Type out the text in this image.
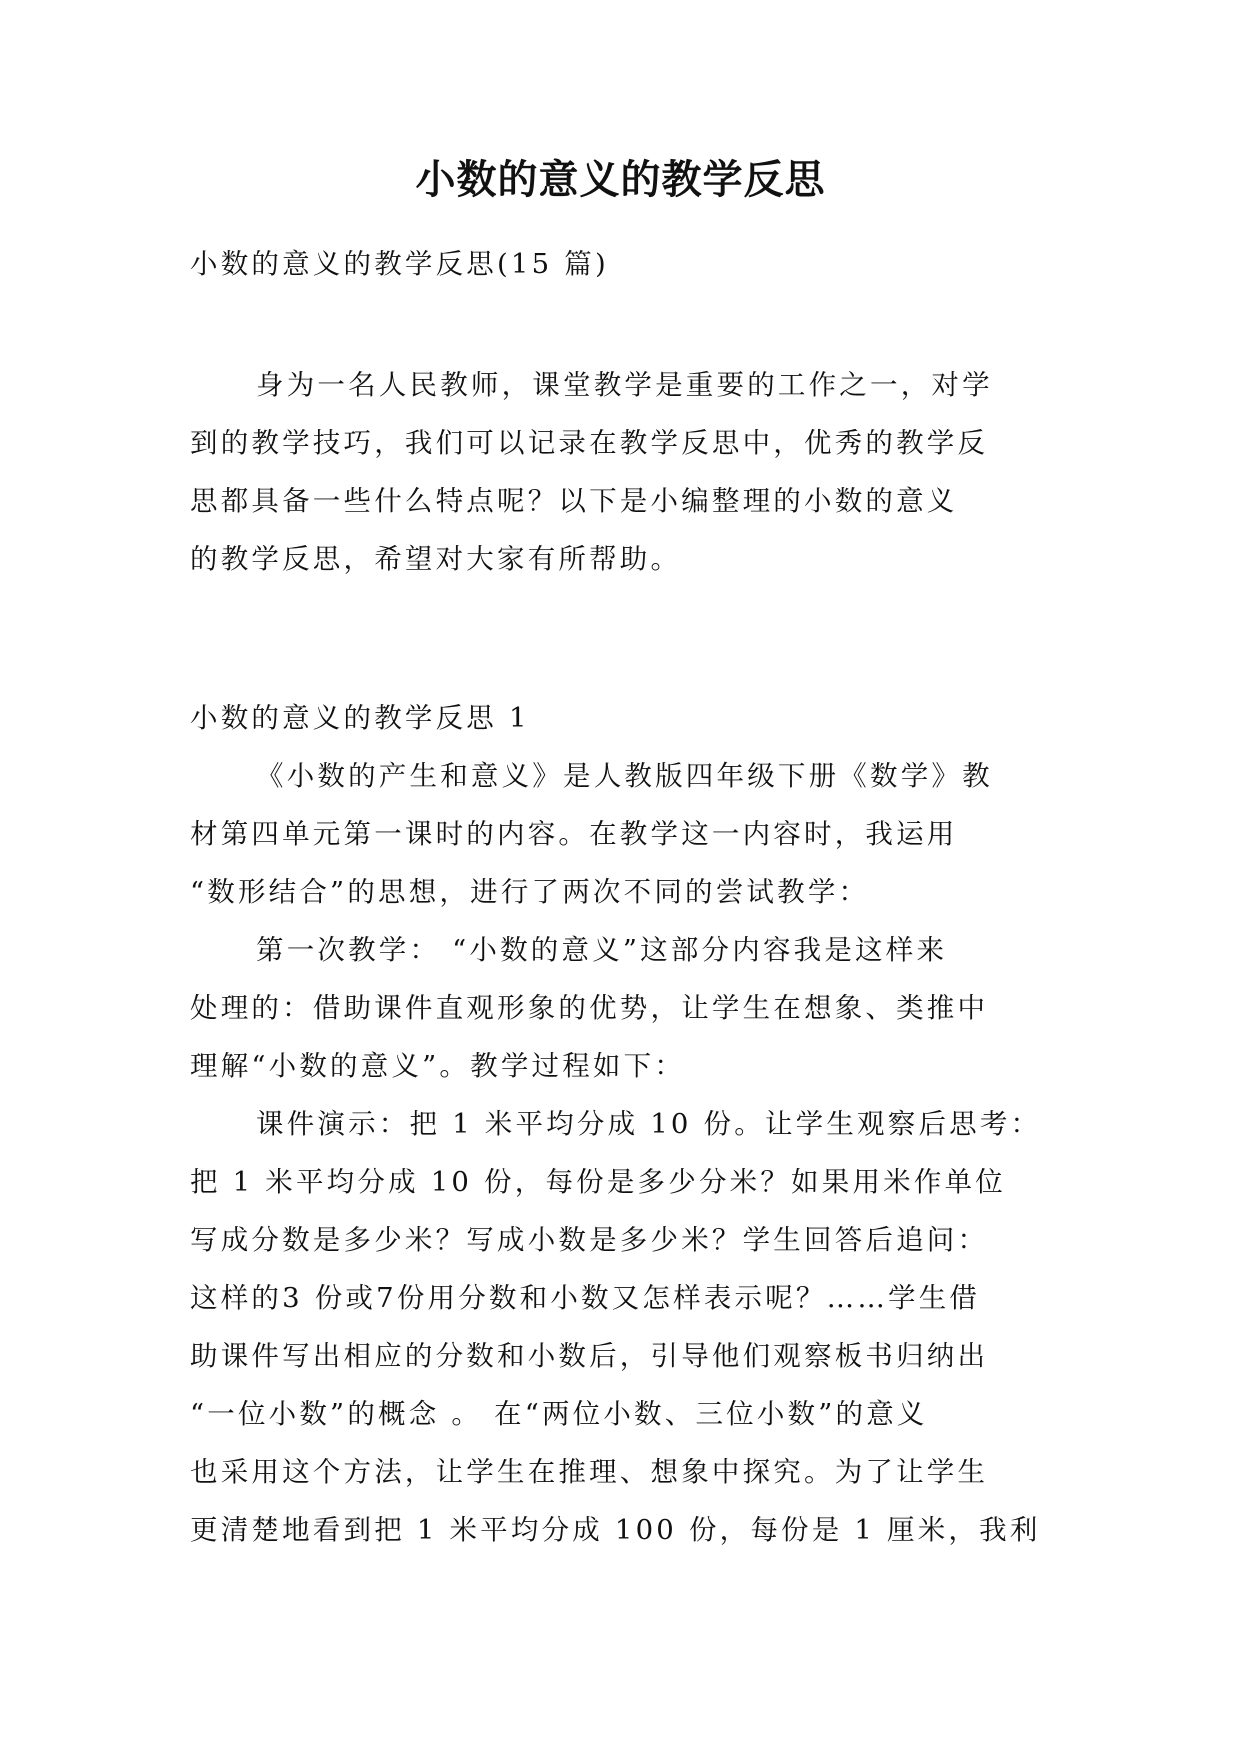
小数的意义的教学反思
小数的意义的教学反思(15 篇)
身为一名人民教师，课堂教学是重要的工作之一，对学
到的教学技巧，我们可以记录在教学反思中，优秀的教学反
思都具备一些什么特点呢？以下是小编整理的小数的意义
的教学反思，希望对大家有所帮助。
小数的意义的教学反思 1
《小数的产生和意义》是人教版四年级下册《数学》教
材第四单元第一课时的内容。在教学这一内容时，我运用
“数形结合”的思想，进行了两次不同的尝试教学：
第一次教学： “小数的意义”这部分内容我是这样来
处理的：借助课件直观形象的优势，让学生在想象、类推中
理解“小数的意义”。教学过程如下：
课件演示：把 1 米平均分成 10 份。让学生观察后思考：
把 1 米平均分成 10 份，每份是多少分米？如果用米作单位
写成分数是多少米？写成小数是多少米？学生回答后追问：
这样的3 份或7份用分数和小数又怎样表示呢？……学生借
助课件写出相应的分数和小数后，引导他们观察板书归纳出
“一位小数”的概念 。 在“两位小数、三位小数”的意义
也采用这个方法，让学生在推理、想象中探究。为了让学生
更清楚地看到把 1 米平均分成 100 份，每份是 1 厘米，我利
